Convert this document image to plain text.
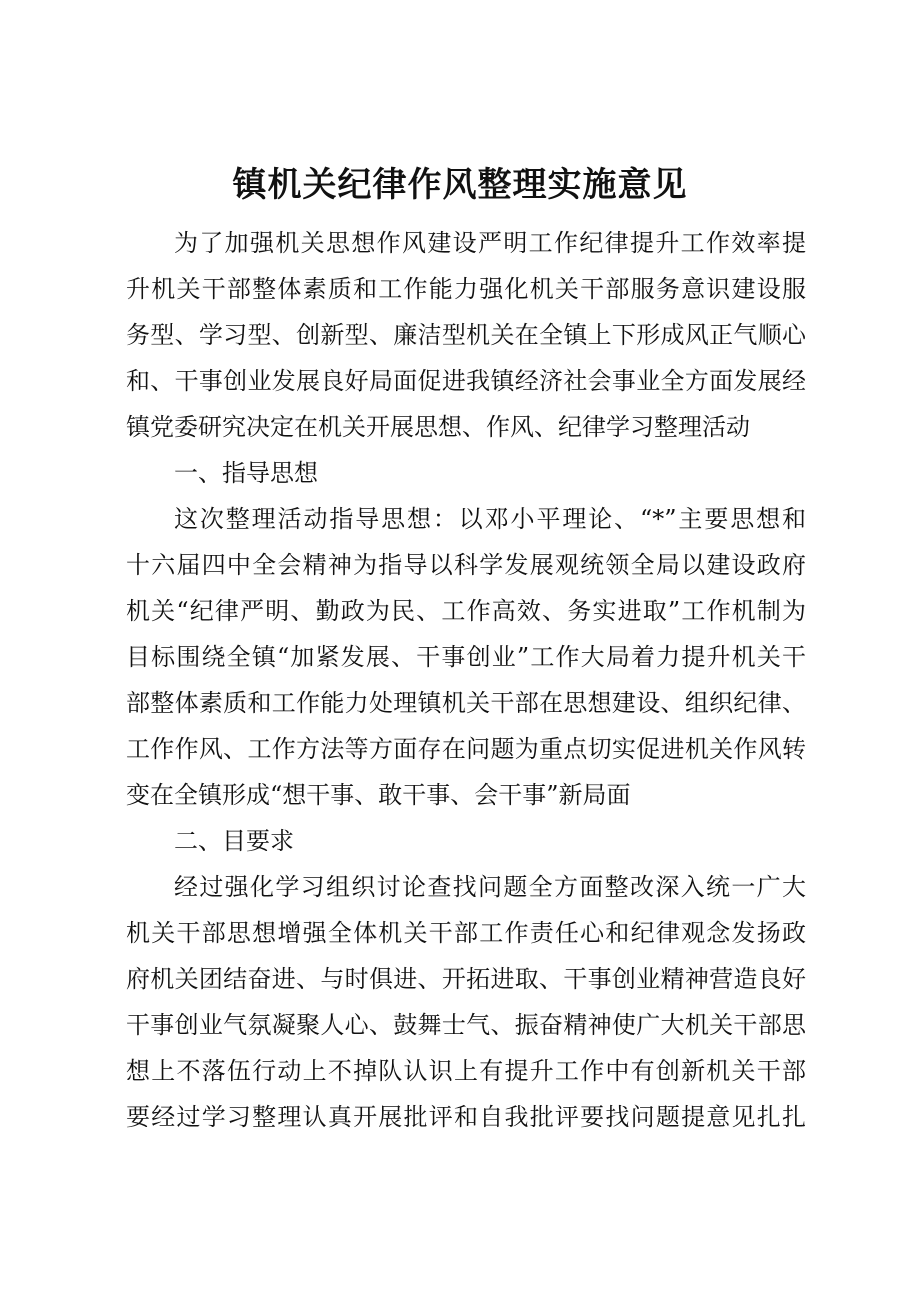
镇机关纪律作风整理实施意见

为了加强机关思想作风建设严明工作纪律提升工作效率提

升机关干部整体素质和工作能力强化机关干部服务意识建设服

务型、学习型、创新型、廉洁型机关在全镇上下形成风正气顺心

和、干事创业发展良好局面促进我镇经济社会事业全方面发展经

镇党委研究决定在机关开展思想、作风、纪律学习整理活动

一、指导思想

这次整理活动指导思想：以邓小平理论、“*”主要思想和

十六届四中全会精神为指导以科学发展观统领全局以建设政府

机关“纪律严明、勤政为民、工作高效、务实进取”工作机制为

目标围绕全镇“加紧发展、干事创业”工作大局着力提升机关干

部整体素质和工作能力处理镇机关干部在思想建设、组织纪律、

工作作风、工作方法等方面存在问题为重点切实促进机关作风转

变在全镇形成“想干事、敢干事、会干事”新局面

二、目要求

经过强化学习组织讨论查找问题全方面整改深入统一广大

机关干部思想增强全体机关干部工作责任心和纪律观念发扬政

府机关团结奋进、与时俱进、开拓进取、干事创业精神营造良好

干事创业气氛凝聚人心、鼓舞士气、振奋精神使广大机关干部思

想上不落伍行动上不掉队认识上有提升工作中有创新机关干部

要经过学习整理认真开展批评和自我批评要找问题提意见扎扎
